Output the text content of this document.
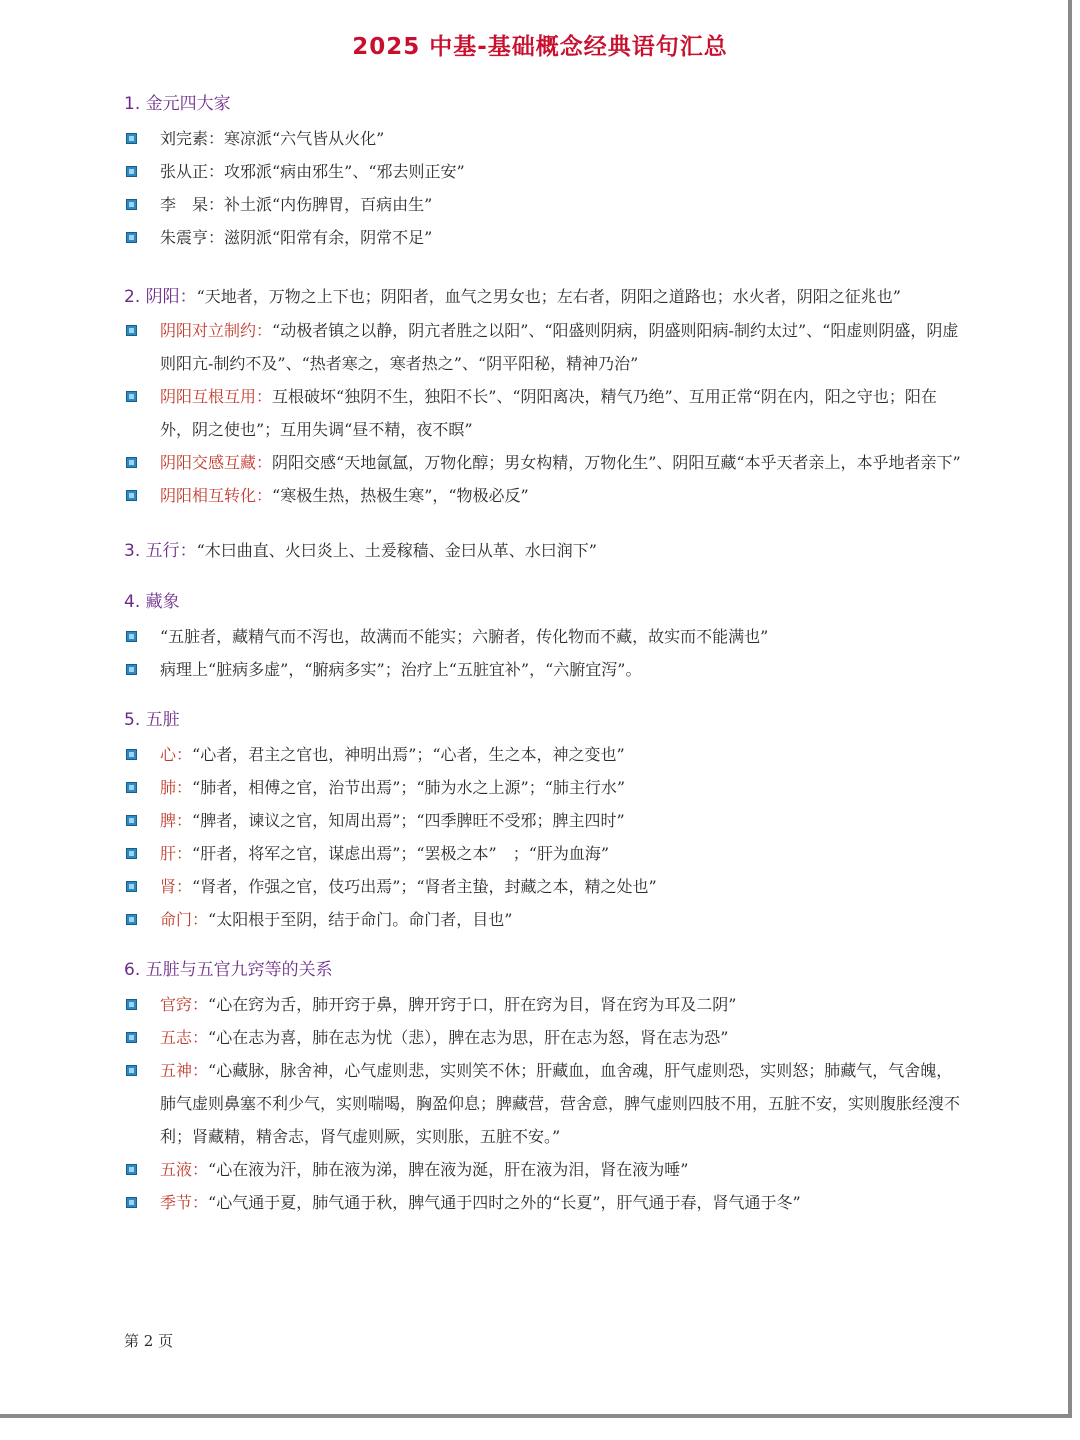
2025 中基-基础概念经典语句汇总
1. 金元四大家
刘完素：寒凉派“六气皆从火化”
张从正：攻邪派“病由邪生”、“邪去则正安”
李　杲：补土派“内伤脾胃，百病由生”
朱震亨：滋阴派“阳常有余，阴常不足”
2. 阴阳：“天地者，万物之上下也；阴阳者，血气之男女也；左右者，阴阳之道路也；水火者，阴阳之征兆也”
阴阳对立制约：“动极者镇之以静，阴亢者胜之以阳”、“阳盛则阴病，阴盛则阳病-制约太过”、“阳虚则阴盛，阴虚则阳亢-制约不及”、“热者寒之，寒者热之”、“阴平阳秘，精神乃治”
阴阳互根互用：互根破坏“独阴不生，独阳不长”、“阴阳离决，精气乃绝”、互用正常“阴在内，阳之守也；阳在外，阴之使也”；互用失调“昼不精，夜不瞑”
阴阳交感互藏：阴阳交感“天地氤氲，万物化醇；男女构精，万物化生”、阴阳互藏“本乎天者亲上，本乎地者亲下”
阴阳相互转化：“寒极生热，热极生寒”，“物极必反”
3. 五行：“木曰曲直、火曰炎上、土爰稼穑、金曰从革、水曰润下”
4. 藏象
“五脏者，藏精气而不泻也，故满而不能实；六腑者，传化物而不藏，故实而不能满也”
病理上“脏病多虚”，“腑病多实”；治疗上“五脏宜补”，“六腑宜泻”。
5. 五脏
心：“心者，君主之官也，神明出焉”；“心者，生之本，神之变也”
肺：“肺者，相傅之官，治节出焉”；“肺为水之上源”；“肺主行水”
脾：“脾者，谏议之官，知周出焉”；“四季脾旺不受邪；脾主四时”
肝：“肝者，将军之官，谋虑出焉”；“罢极之本”　；“肝为血海”
肾：“肾者，作强之官，伎巧出焉”；“肾者主蛰，封藏之本，精之处也”
命门：“太阳根于至阴，结于命门。命门者，目也”
6. 五脏与五官九窍等的关系
官窍：“心在窍为舌，肺开窍于鼻，脾开窍于口，肝在窍为目，肾在窍为耳及二阴”
五志：“心在志为喜，肺在志为忧（悲），脾在志为思，肝在志为怒，肾在志为恐”
五神：“心藏脉，脉舍神，心气虚则悲，实则笑不休；肝藏血，血舍魂，肝气虚则恐，实则怒；肺藏气，气舍魄，肺气虚则鼻塞不利少气，实则喘喝，胸盈仰息；脾藏营，营舍意，脾气虚则四肢不用，五脏不安，实则腹胀经溲不利；肾藏精，精舍志，肾气虚则厥，实则胀，五脏不安。”
五液：“心在液为汗，肺在液为涕，脾在液为涎，肝在液为泪，肾在液为唾”
季节：“心气通于夏，肺气通于秋，脾气通于四时之外的“长夏”，肝气通于春，肾气通于冬”
第 2 页
